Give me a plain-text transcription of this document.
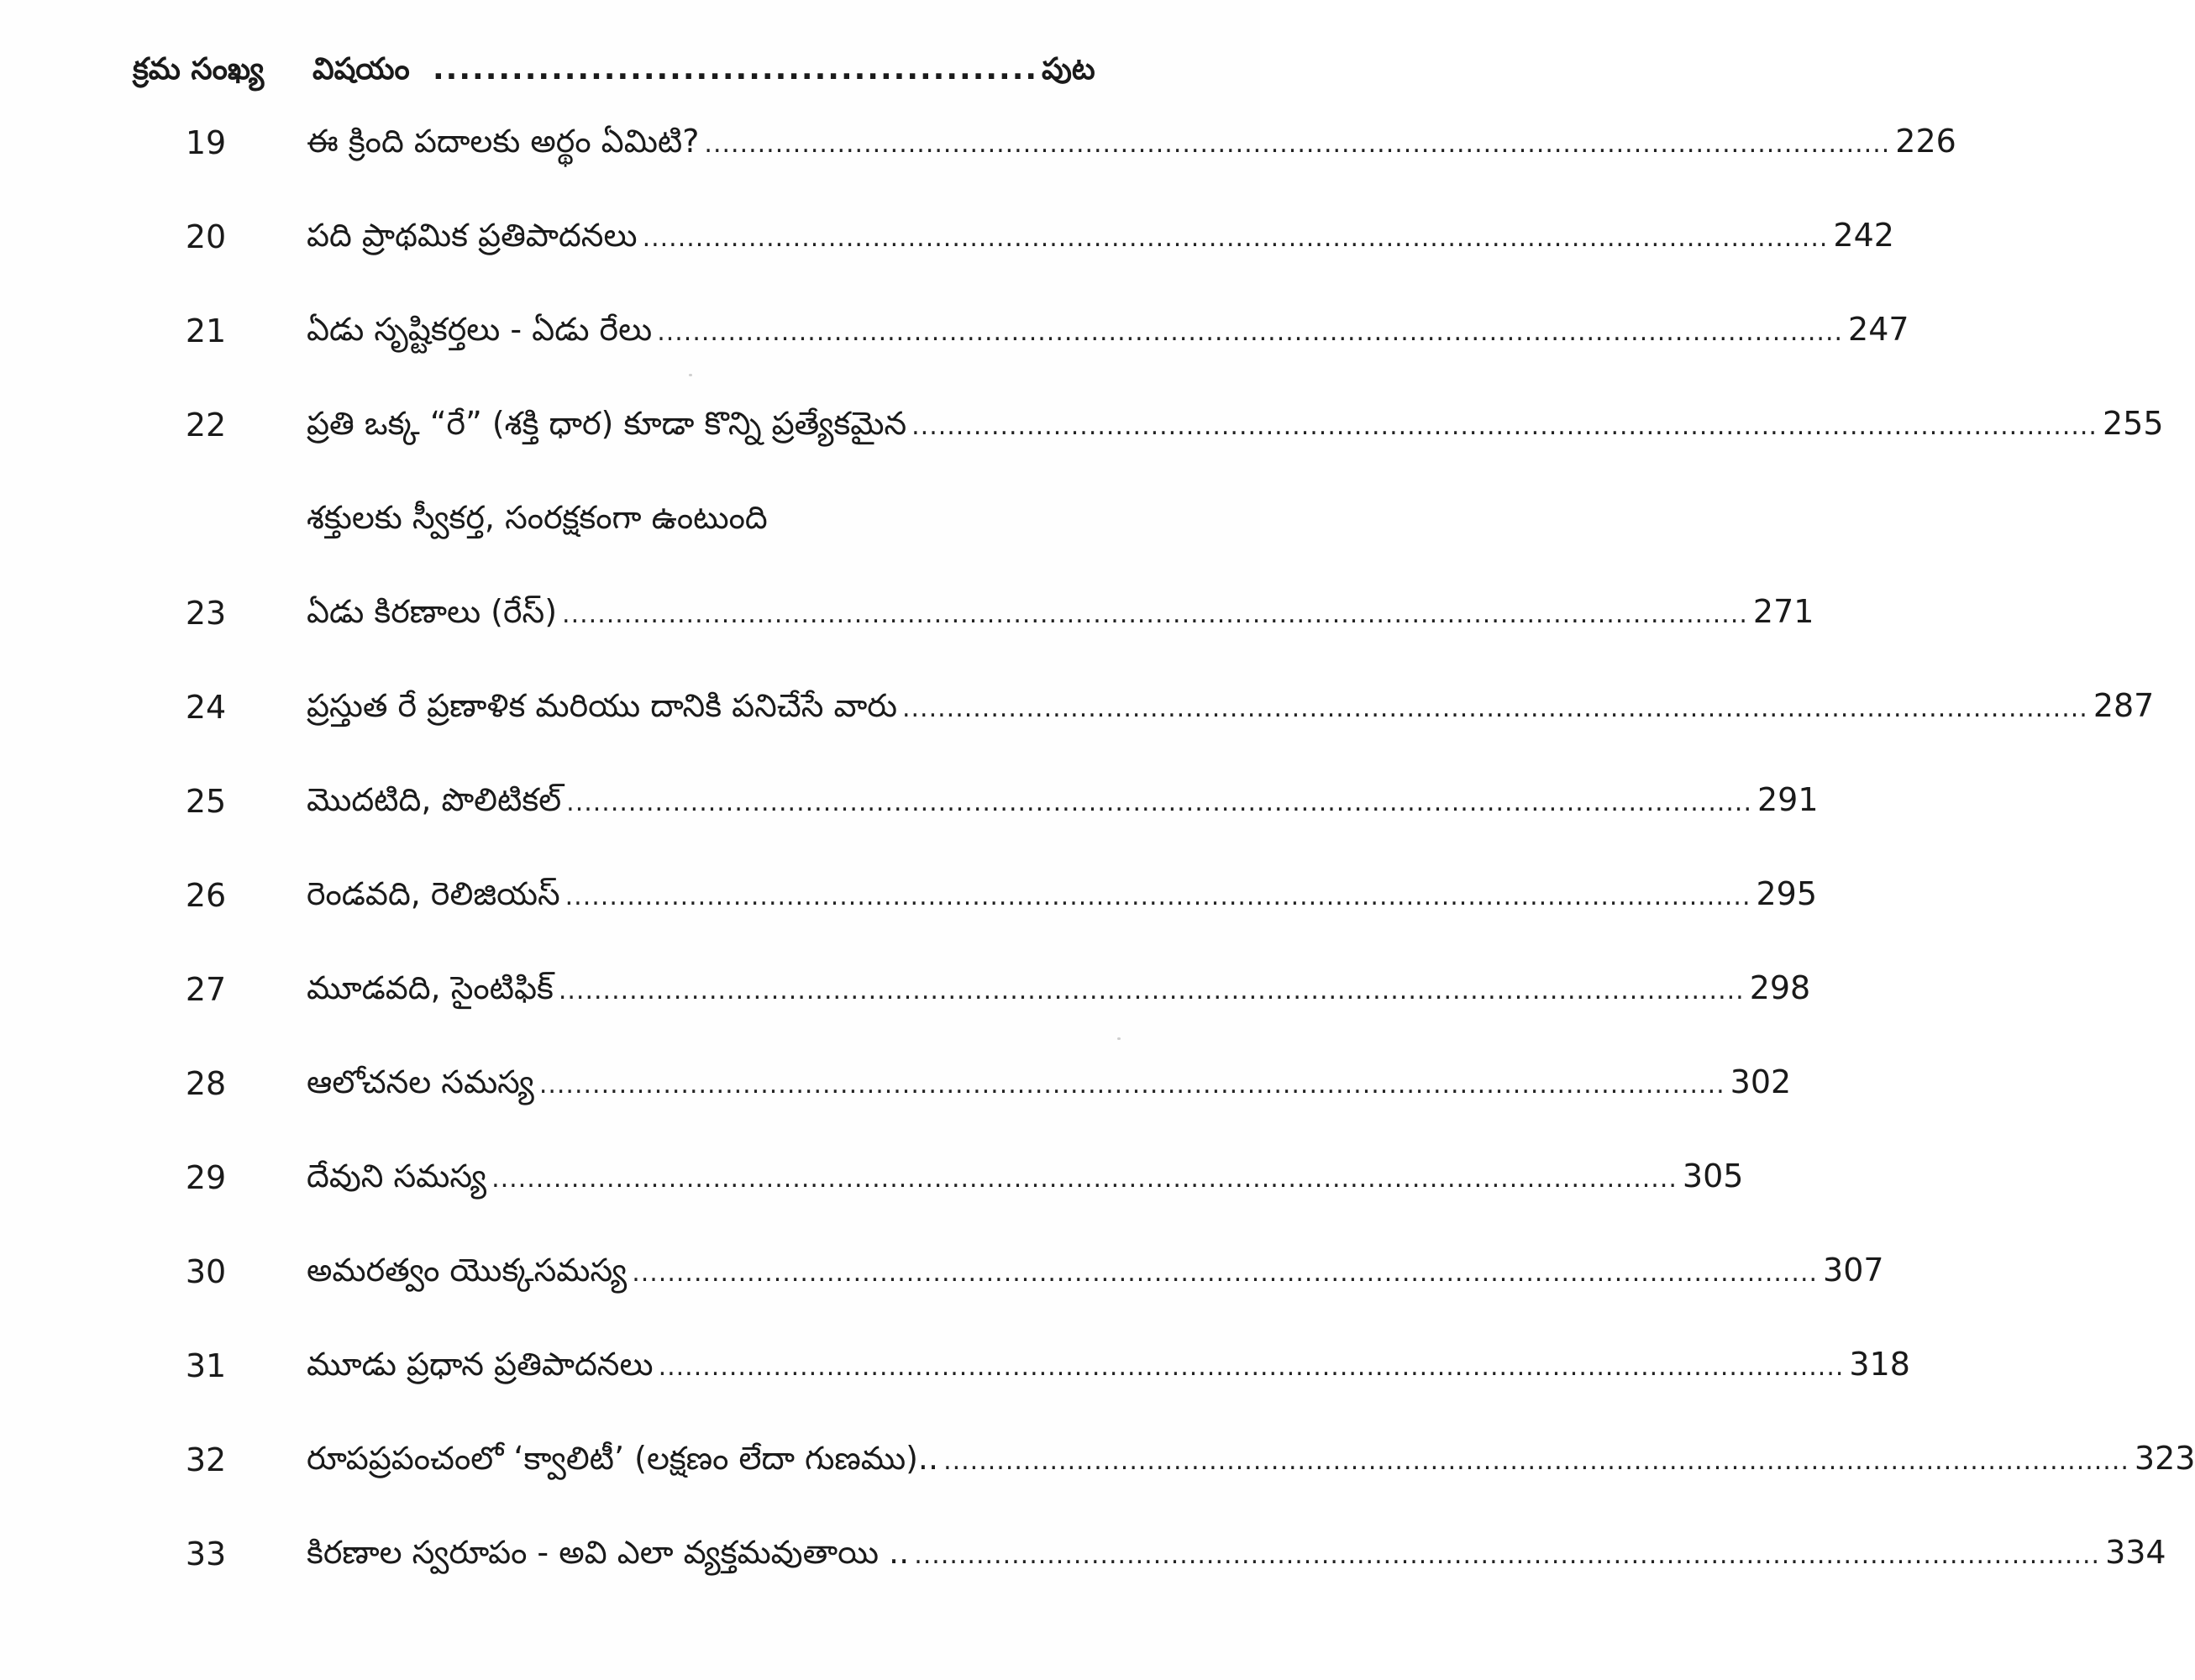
క్రమ సంఖ్య విషయం .............................................. పుట
19	ఈ క్రింది పదాలకు అర్థం ఏమిటి? ...................................................................................................................................... 226
20	పది ప్రాథమిక ప్రతిపాదనలు ...................................................................................................................................... 242
21	ఏడు సృష్టికర్తలు - ఏడు రేలు ...................................................................................................................................... 247
22	ప్రతి ఒక్క “రే” (శక్తి ధార) కూడా కొన్ని ప్రత్యేకమైన ...................................................................................................................................... 255
శక్తులకు స్వీకర్త, సంరక్షకంగా ఉంటుంది
23	ఏడు కిరణాలు (రేస్) ...................................................................................................................................... 271
24	ప్రస్తుత రే ప్రణాళిక మరియు దానికి పనిచేసే వారు ...................................................................................................................................... 287
25	మొదటిది, పొలిటికల్ ...................................................................................................................................... 291
26	రెండవది, రెలిజియస్ ...................................................................................................................................... 295
27	మూడవది, సైంటిఫిక్ ...................................................................................................................................... 298
28	ఆలోచనల సమస్య ...................................................................................................................................... 302
29	దేవుని సమస్య ...................................................................................................................................... 305
30	అమరత్వం యొక్కసమస్య ...................................................................................................................................... 307
31	మూడు ప్రధాన ప్రతిపాదనలు ...................................................................................................................................... 318
32	రూపప్రపంచంలో ‘క్వాలిటీ’ (లక్షణం లేదా గుణము).. ...................................................................................................................................... 323
33	కిరణాల స్వరూపం - అవి ఎలా వ్యక్తమవుతాయి .. ...................................................................................................................................... 334
